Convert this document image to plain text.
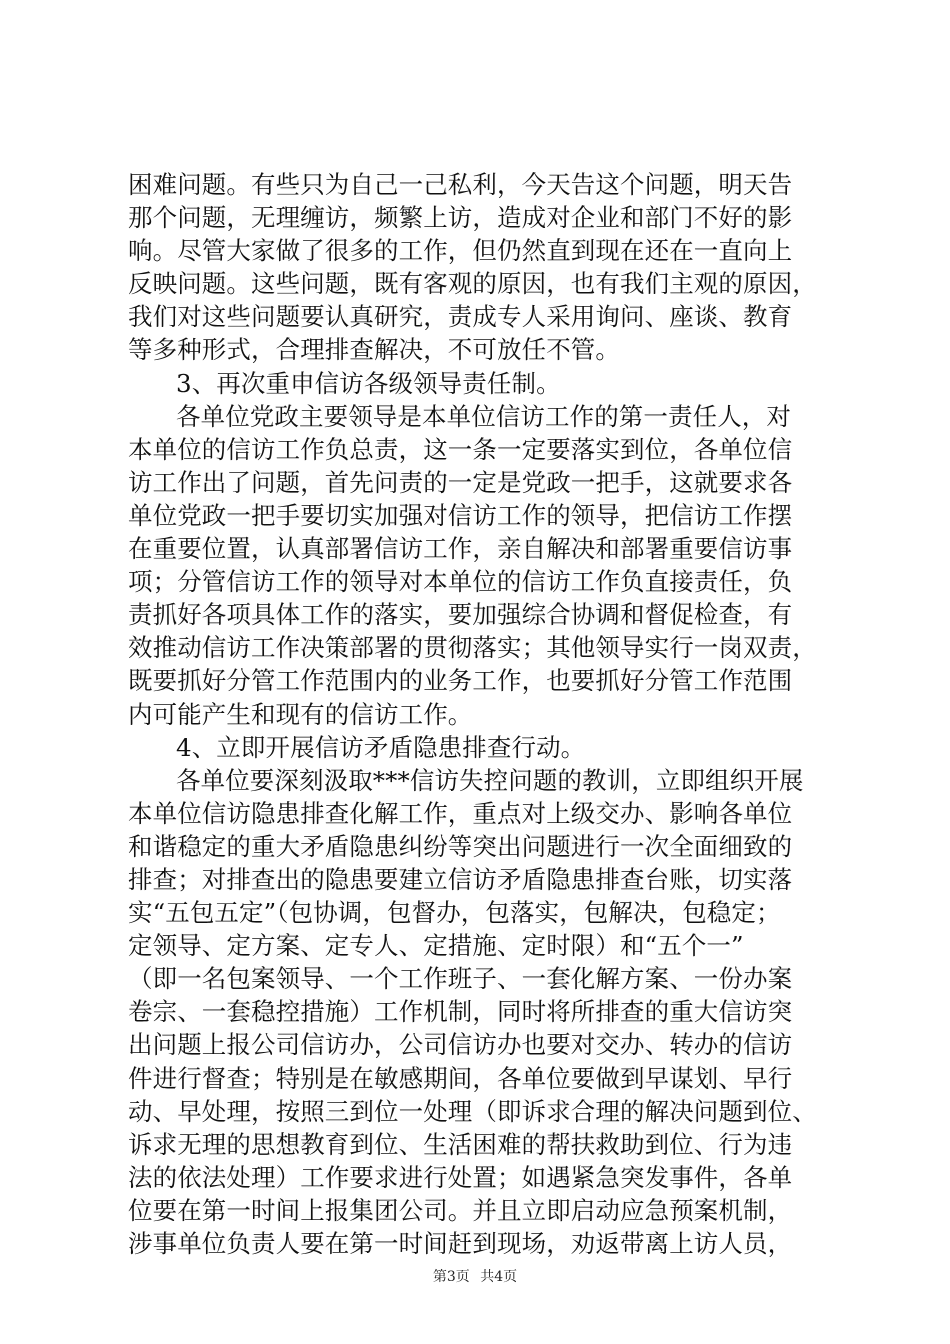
困难问题。有些只为自己一己私利，今天告这个问题，明天告
那个问题，无理缠访，频繁上访，造成对企业和部门不好的影
响。尽管大家做了很多的工作，但仍然直到现在还在一直向上
反映问题。这些问题，既有客观的原因，也有我们主观的原因，
我们对这些问题要认真研究，责成专人采用询问、座谈、教育
等多种形式，合理排查解决，不可放任不管。
3、再次重申信访各级领导责任制。
各单位党政主要领导是本单位信访工作的第一责任人，对
本单位的信访工作负总责，这一条一定要落实到位，各单位信
访工作出了问题，首先问责的一定是党政一把手，这就要求各
单位党政一把手要切实加强对信访工作的领导，把信访工作摆
在重要位置，认真部署信访工作，亲自解决和部署重要信访事
项；分管信访工作的领导对本单位的信访工作负直接责任，负
责抓好各项具体工作的落实，要加强综合协调和督促检查，有
效推动信访工作决策部署的贯彻落实；其他领导实行一岗双责，
既要抓好分管工作范围内的业务工作，也要抓好分管工作范围
内可能产生和现有的信访工作。
4、立即开展信访矛盾隐患排查行动。
各单位要深刻汲取***信访失控问题的教训，立即组织开展
本单位信访隐患排查化解工作，重点对上级交办、影响各单位
和谐稳定的重大矛盾隐患纠纷等突出问题进行一次全面细致的
排查；对排查出的隐患要建立信访矛盾隐患排查台账，切实落
实“五包五定”（包协调，包督办，包落实，包解决，包稳定；
定领导、定方案、定专人、定措施、定时限）和“五个一”
（即一名包案领导、一个工作班子、一套化解方案、一份办案
卷宗、一套稳控措施）工作机制，同时将所排查的重大信访突
出问题上报公司信访办，公司信访办也要对交办、转办的信访
件进行督查；特别是在敏感期间，各单位要做到早谋划、早行
动、早处理，按照三到位一处理（即诉求合理的解决问题到位、
诉求无理的思想教育到位、生活困难的帮扶救助到位、行为违
法的依法处理）工作要求进行处置；如遇紧急突发事件，各单
位要在第一时间上报集团公司。并且立即启动应急预案机制，
涉事单位负责人要在第一时间赶到现场，劝返带离上访人员，
第3页 共4页
